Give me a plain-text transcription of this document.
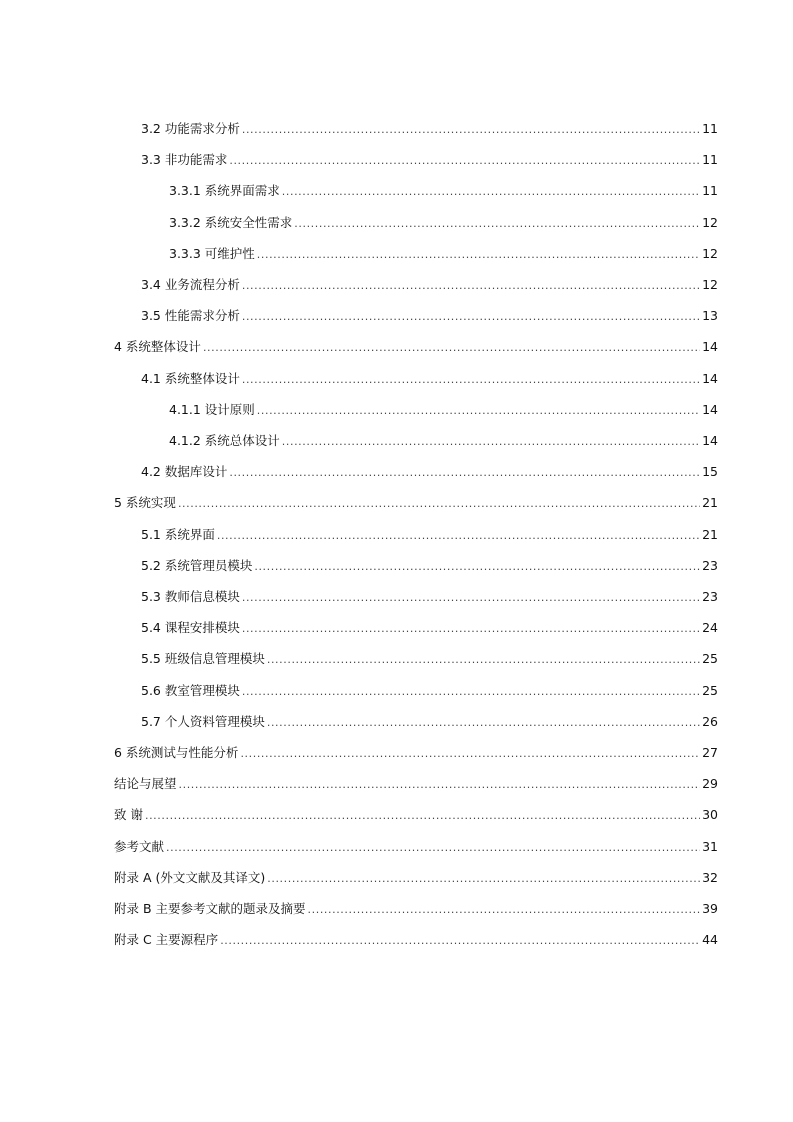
3.2 功能需求分析 .....	11
3.3 非功能需求 .....	11
3.3.1 系统界面需求 .....	11
3.3.2 系统安全性需求 .....	12
3.3.3 可维护性 .....	12
3.4 业务流程分析 .....	12
3.5 性能需求分析 .....	13
4 系统整体设计 .....	14
4.1 系统整体设计 .....	14
4.1.1 设计原则 .....	14
4.1.2 系统总体设计 .....	14
4.2 数据库设计 .....	15
5 系统实现 .....	21
5.1 系统界面 .....	21
5.2 系统管理员模块 .....	23
5.3 教师信息模块 .....	23
5.4 课程安排模块 .....	24
5.5 班级信息管理模块 .....	25
5.6 教室管理模块 .....	25
5.7 个人资料管理模块 .....	26
6 系统测试与性能分析 .....	27
结论与展望 .....	29
致 谢 .....	30
参考文献 .....	31
附录 A (外文文献及其译文) .....	32
附录 B 主要参考文献的题录及摘要 .....	39
附录 C 主要源程序 .....	44
